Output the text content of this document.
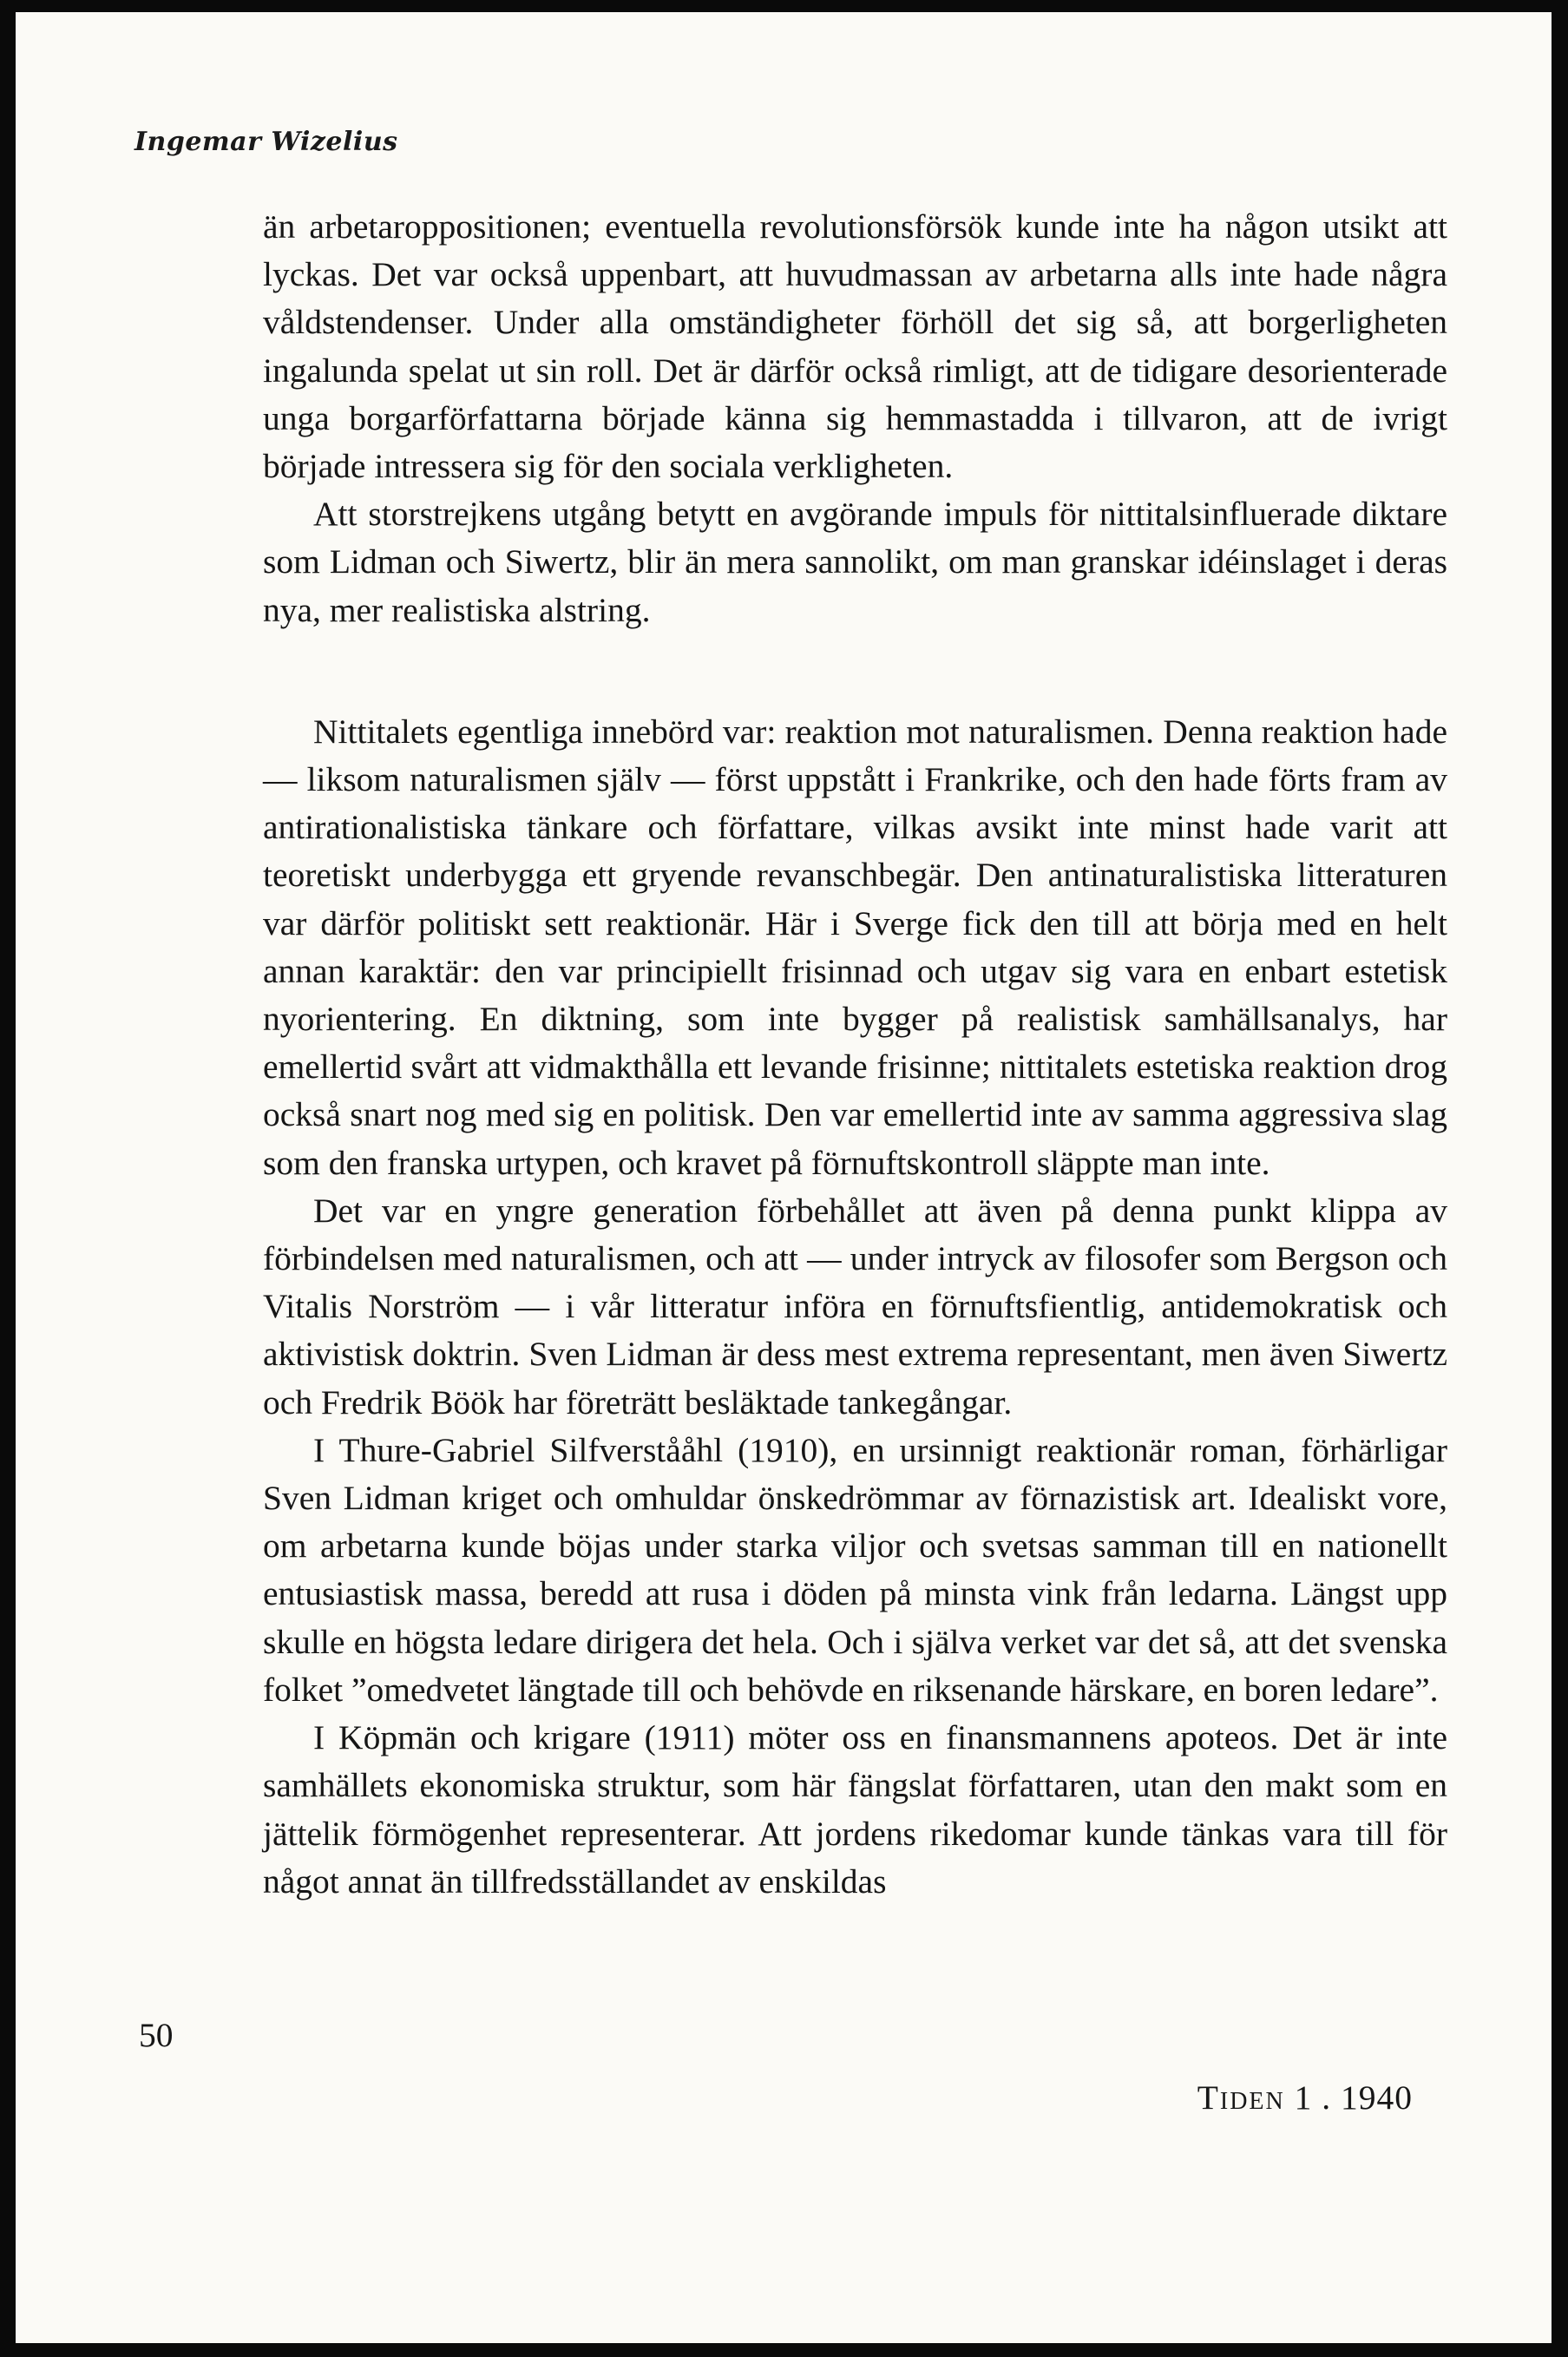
Ingemar Wizelius

än arbetaroppositionen; eventuella revolutionsförsök kunde inte ha någon utsikt att lyckas. Det var också uppenbart, att huvudmassan av arbetarna alls inte hade några våldstendenser. Under alla omständigheter förhöll det sig så, att borgerligheten ingalunda spelat ut sin roll. Det är därför också rimligt, att de tidigare desorienterade unga borgarförfattarna började känna sig hemmastadda i tillvaron, att de ivrigt började intressera sig för den sociala verkligheten.

Att storstrejkens utgång betytt en avgörande impuls för nittitalsinfluerade diktare som Lidman och Siwertz, blir än mera sannolikt, om man granskar idéinslaget i deras nya, mer realistiska alstring.

Nittitalets egentliga innebörd var: reaktion mot naturalismen. Denna reaktion hade — liksom naturalismen själv — först uppstått i Frankrike, och den hade förts fram av antirationalistiska tänkare och författare, vilkas avsikt inte minst hade varit att teoretiskt underbygga ett gryende revanschbegär. Den antinaturalistiska litteraturen var därför politiskt sett reaktionär. Här i Sverge fick den till att börja med en helt annan karaktär: den var principiellt frisinnad och utgav sig vara en enbart estetisk nyorientering. En diktning, som inte bygger på realistisk samhällsanalys, har emellertid svårt att vidmakthålla ett levande frisinne; nittitalets estetiska reaktion drog också snart nog med sig en politisk. Den var emellertid inte av samma aggressiva slag som den franska urtypen, och kravet på förnuftskontroll släppte man inte.

Det var en yngre generation förbehållet att även på denna punkt klippa av förbindelsen med naturalismen, och att — under intryck av filosofer som Bergson och Vitalis Norström — i vår litteratur införa en förnuftsfientlig, antidemokratisk och aktivistisk doktrin. Sven Lidman är dess mest extrema representant, men även Siwertz och Fredrik Böök har företrätt besläktade tankegångar.

I Thure-Gabriel Silfverstååhl (1910), en ursinnigt reaktionär roman, förhärligar Sven Lidman kriget och omhuldar önskedrömmar av förnazistisk art. Idealiskt vore, om arbetarna kunde böjas under starka viljor och svetsas samman till en nationellt entusiastisk massa, beredd att rusa i döden på minsta vink från ledarna. Längst upp skulle en högsta ledare dirigera det hela. Och i själva verket var det så, att det svenska folket ”omedvetet längtade till och behövde en riksenande härskare, en boren ledare”.

I Köpmän och krigare (1911) möter oss en finansmannens apoteos. Det är inte samhällets ekonomiska struktur, som här fängslat författaren, utan den makt som en jättelik förmögenhet representerar. Att jordens rikedomar kunde tänkas vara till för något annat än tillfredsställandet av enskildas

50
Tiden 1 . 1940
